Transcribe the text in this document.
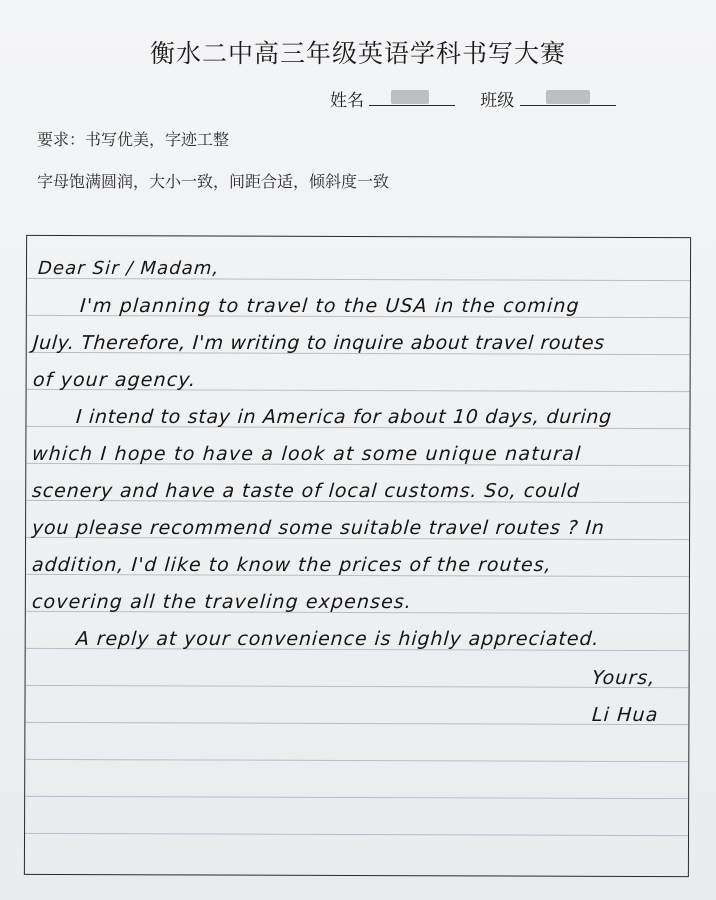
衡水二中高三年级英语学科书写大赛
姓名	班级
要求：书写优美，字迹工整
字母饱满圆润，大小一致，间距合适，倾斜度一致
Dear Sir / Madam,
I'm planning to travel to the USA in the coming
July. Therefore, I'm writing to inquire about travel routes
of your agency.
I intend to stay in America for about 10 days, during
which I hope to have a look at some unique natural
scenery and have a taste of local customs. So, could
you please recommend some suitable travel routes ? In
addition, I'd like to know the prices of the routes,
covering all the traveling expenses.
A reply at your convenience is highly appreciated.
Yours,
Li Hua
